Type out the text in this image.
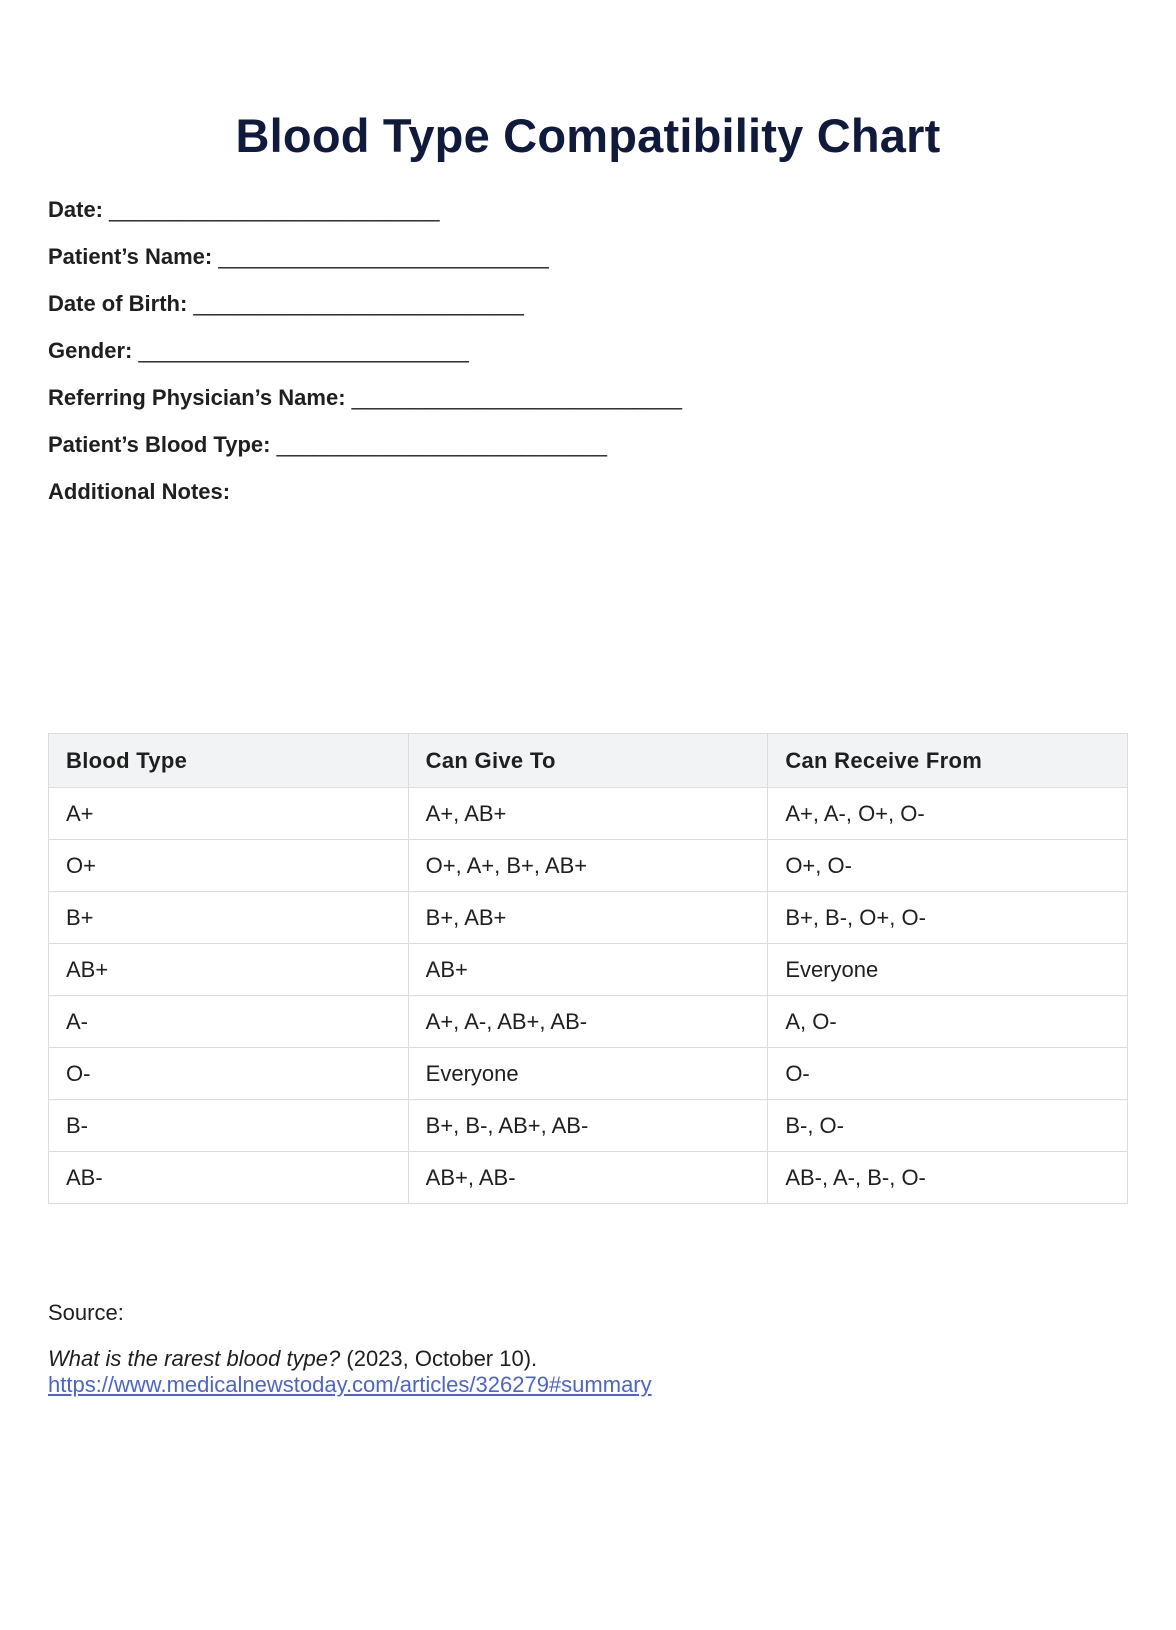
Blood Type Compatibility Chart
Date: ___________________________
Patient’s Name: ___________________________
Date of Birth: ___________________________
Gender: ___________________________
Referring Physician’s Name: ___________________________
Patient’s Blood Type: ___________________________
Additional Notes:
Blood Type	Can Give To	Can Receive From
A+	A+, AB+	A+, A-, O+, O-
O+	O+, A+, B+, AB+	O+, O-
B+	B+, AB+	B+, B-, O+, O-
AB+	AB+	Everyone
A-	A+, A-, AB+, AB-	A, O-
O-	Everyone	O-
B-	B+, B-, AB+, AB-	B-, O-
AB-	AB+, AB-	AB-, A-, B-, O-
Source:
What is the rarest blood type? (2023, October 10).
https://www.medicalnewstoday.com/articles/326279#summary
